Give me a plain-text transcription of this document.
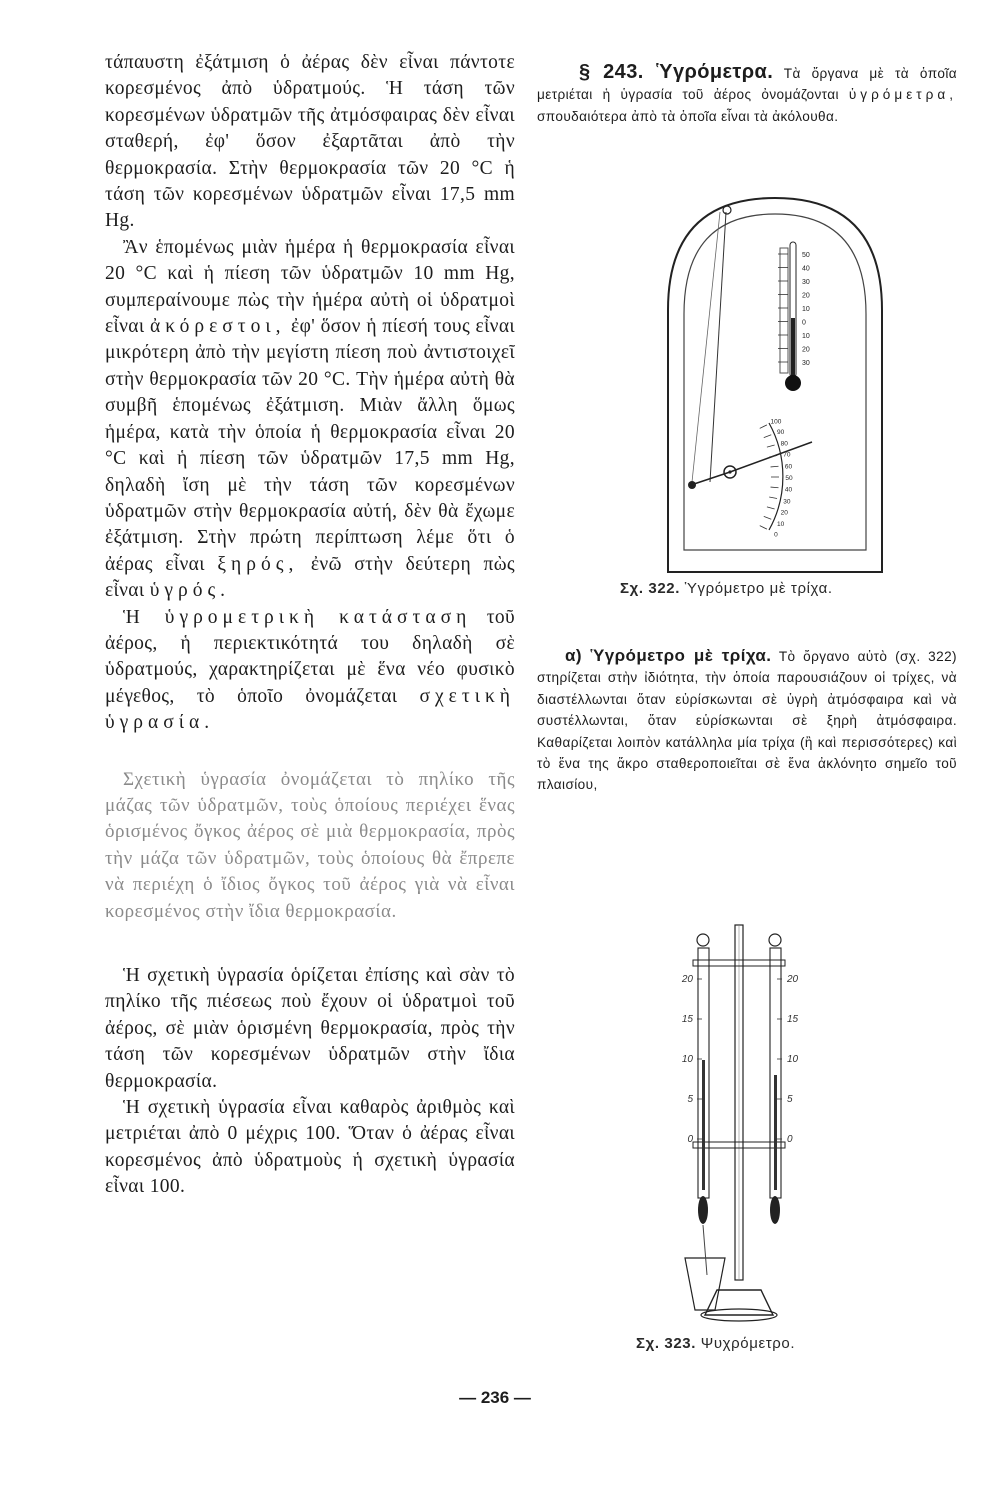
τάπαυστη ἐξάτμιση ὁ ἀέρας δὲν εἶναι πάντοτε κορεσμένος ἀπὸ ὑδρατμούς. Ἡ τάση τῶν κορεσμένων ὑδρατμῶν τῆς ἀτμόσφαιρας δὲν εἶναι σταθερή, ἐφ' ὅσον ἐξαρτᾶται ἀπὸ τὴν θερμοκρασία. Στὴν θερμοκρασία τῶν 20 °C ἡ τάση τῶν κορεσμένων ὑδρατμῶν εἶναι 17,5 mm Hg.

Ἂν ἑπομένως μιὰν ἡμέρα ἡ θερμοκρασία εἶναι 20 °C καὶ ἡ πίεση τῶν ὑδρατμῶν 10 mm Hg, συμπεραίνουμε πὼς τὴν ἡμέρα αὐτὴ οἱ ὑδρατμοὶ εἶναι ἀκόρεστοι, ἐφ' ὅσον ἡ πίεσή τους εἶναι μικρότερη ἀπὸ τὴν μεγίστη πίεση ποὺ ἀντιστοιχεῖ στὴν θερμοκρασία τῶν 20 °C. Τὴν ἡμέρα αὐτὴ θὰ συμβῆ ἑπομένως ἐξάτμιση. Μιὰν ἄλλη ὅμως ἡμέρα, κατὰ τὴν ὁποία ἡ θερμοκρασία εἶναι 20 °C καὶ ἡ πίεση τῶν ὑδρατμῶν 17,5 mm Hg, δηλαδὴ ἴση μὲ τὴν τάση τῶν κορεσμένων ὑδρατμῶν στὴν θερμοκρασία αὐτή, δὲν θὰ ἔχωμε ἐξάτμιση. Στὴν πρώτη περίπτωση λέμε ὅτι ὁ ἀέρας εἶναι ξηρός, ἐνῶ στὴν δεύτερη πὼς εἶναι ὑγρός.

Ἡ ὑγρομετρικὴ κατάσταση τοῦ ἀέρος, ἡ περιεκτικότητά του δηλαδὴ σὲ ὑδρατμούς, χαρακτηρίζεται μὲ ἕνα νέο φυσικὸ μέγεθος, τὸ ὁποῖο ὀνομάζεται σχετικὴ ὑγρασία.

Σχετικὴ ὑγρασία ὀνομάζεται τὸ πηλίκο τῆς μάζας τῶν ὑδρατμῶν, τοὺς ὁποίους περιέχει ἕνας ὁρισμένος ὄγκος ἀέρος σὲ μιὰ θερμοκρασία, πρὸς τὴν μάζα τῶν ὑδρατμῶν, τοὺς ὁποίους θὰ ἔπρεπε νὰ περιέχη ὁ ἴδιος ὄγκος τοῦ ἀέρος γιὰ νὰ εἶναι κορεσμένος στὴν ἴδια θερμοκρασία.

Ἡ σχετικὴ ὑγρασία ὁρίζεται ἐπίσης καὶ σὰν τὸ πηλίκο τῆς πιέσεως ποὺ ἔχουν οἱ ὑδρατμοὶ τοῦ ἀέρος, σὲ μιὰν ὁρισμένη θερμοκρασία, πρὸς τὴν τάση τῶν κορεσμένων ὑδρατμῶν στὴν ἴδια θερμοκρασία.

Ἡ σχετικὴ ὑγρασία εἶναι καθαρὸς ἀριθμὸς καὶ μετριέται ἀπὸ 0 μέχρις 100. Ὅταν ὁ ἀέρας εἶναι κορεσμένος ἀπὸ ὑδρατμοὺς ἡ σχετικὴ ὑγρασία εἶναι 100.

§ 243. Ὑγρόμετρα. Τὰ ὄργανα μὲ τὰ ὁποῖα μετριέται ἡ ὑγρασία τοῦ ἀέρος ὀνομάζονται ὑγρόμετρα, σπουδαιότερα ἀπὸ τὰ ὁποῖα εἶναι τὰ ἀκόλουθα.

100
90
80
70
60
50
40
30
20
10
0
50
40
30
20
10
0
10
20
30
Σχ. 322. Ὑγρόμετρο μὲ τρίχα.

α) Ὑγρόμετρο μὲ τρίχα. Τὸ ὄργανο αὐτὸ (σχ. 322) στηρίζεται στὴν ἰδιότητα, τὴν ὁποία παρουσιάζουν οἱ τρίχες, νὰ διαστέλλωνται ὅταν εὑρίσκωνται σὲ ὑγρὴ ἀτμόσφαιρα καὶ νὰ συστέλλωνται, ὅταν εὑρίσκωνται σὲ ξηρὴ ἀτμόσφαιρα. Καθαρίζεται λοιπὸν κατάλληλα μία τρίχα (ἢ καὶ περισσότερες) καὶ τὸ ἕνα της ἄκρο σταθεροποιεῖται σὲ ἕνα ἀκλόνητο σημεῖο τοῦ πλαισίου,

20	20
15	15
10	10
5	5
0	0
Σχ. 323. Ψυχρόμετρο.
— 236 —
